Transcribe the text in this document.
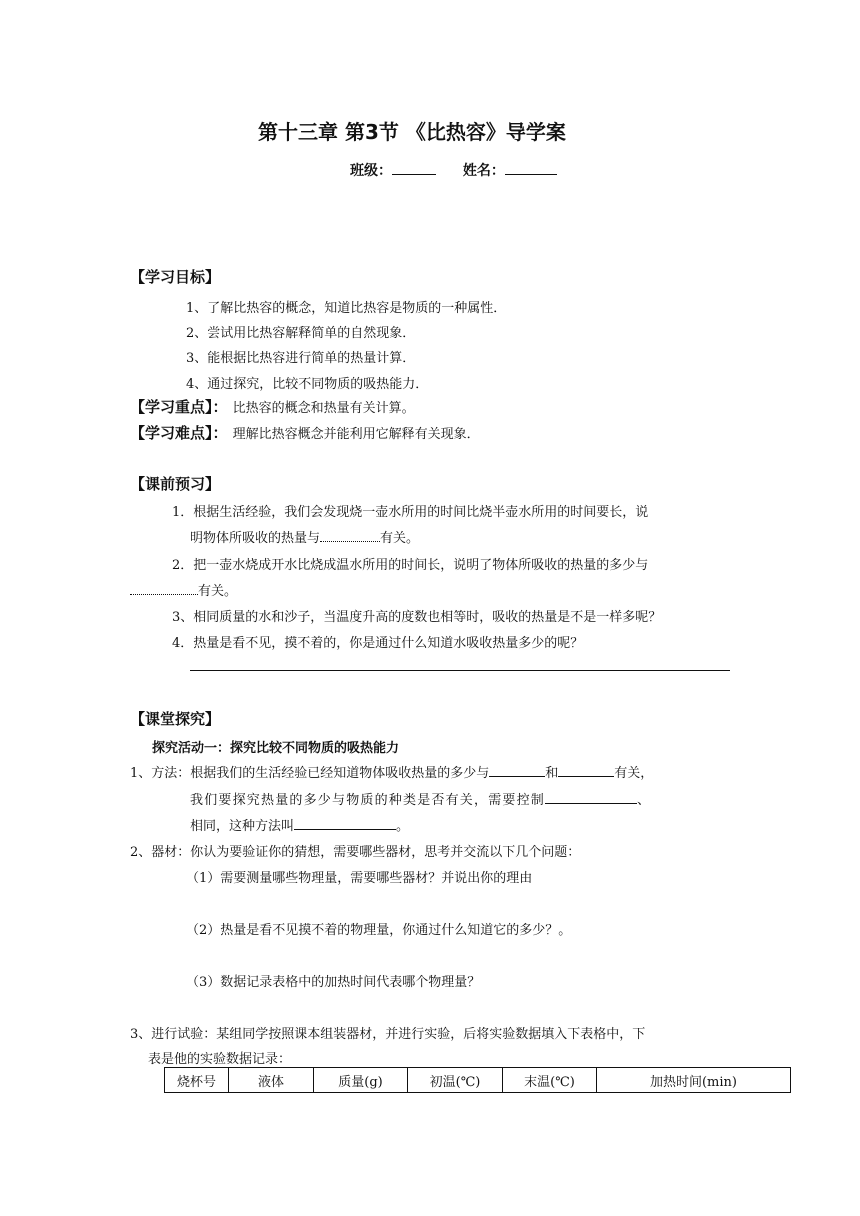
第十三章 第3节 《比热容》导学案
班级：	姓名：
【学习目标】
1、了解比热容的概念，知道比热容是物质的一种属性．
2、尝试用比热容解释简单的自然现象．
3、能根据比热容进行简单的热量计算．
4、通过探究，比较不同物质的吸热能力．
【学习重点】： 比热容的概念和热量有关计算。
【学习难点】： 理解比热容概念并能利用它解释有关现象．
【课前预习】
1．根据生活经验，我们会发现烧一壶水所用的时间比烧半壶水所用的时间要长，说
明物体所吸收的热量与	有关。
2．把一壶水烧成开水比烧成温水所用的时间长，说明了物体所吸收的热量的多少与
有关。
3、相同质量的水和沙子，当温度升高的度数也相等时，吸收的热量是不是一样多呢？
4．热量是看不见，摸不着的，你是通过什么知道水吸收热量多少的呢？
【课堂探究】
探究活动一：探究比较不同物质的吸热能力
1、方法：根据我们的生活经验已经知道物体吸收热量的多少与	和	有关，
我们要探究热量的多少与物质的种类是否有关，需要控制	、
相同，这种方法叫	。
2、器材：你认为要验证你的猜想，需要哪些器材，思考并交流以下几个问题：
（1）需要测量哪些物理量，需要哪些器材？并说出你的理由
（2）热量是看不见摸不着的物理量，你通过什么知道它的多少？。
（3）数据记录表格中的加热时间代表哪个物理量？
3、进行试验：某组同学按照课本组装器材，并进行实验，后将实验数据填入下表格中，下
表是他的实验数据记录：
烧杯号	液体	质量(g)	初温(℃)	末温(℃)	加热时间(min)
